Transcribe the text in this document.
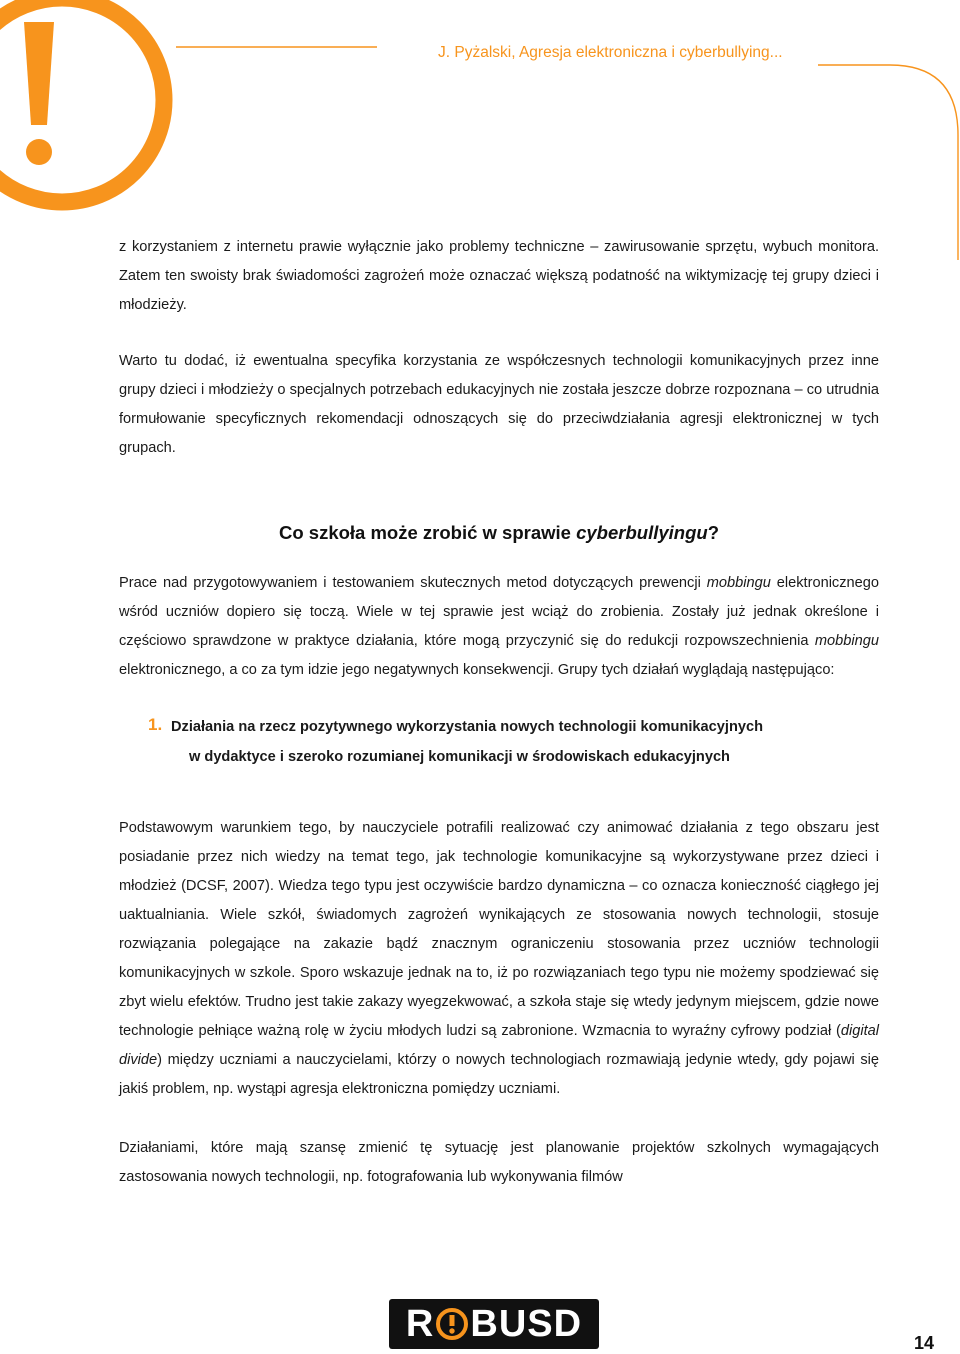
J. Pyżalski, Agresja elektroniczna i cyberbullying...

z korzystaniem z internetu prawie wyłącznie jako problemy techniczne – zawirusowanie sprzętu, wybuch monitora. Zatem ten swoisty brak świadomości zagrożeń może oznaczać większą podatność na wiktymizację tej grupy dzieci i młodzieży.

Warto tu dodać, iż ewentualna specyfika korzystania ze współczesnych technologii komunikacyjnych przez inne grupy dzieci i młodzieży o specjalnych potrzebach edukacyjnych nie została jeszcze dobrze rozpoznana – co utrudnia formułowanie specyficznych rekomendacji odnoszących się do przeciwdziałania agresji elektronicznej w tych grupach.

Co szkoła może zrobić w sprawie cyberbullyingu?

Prace nad przygotowywaniem i testowaniem skutecznych metod dotyczących prewencji mobbingu elektronicznego wśród uczniów dopiero się toczą. Wiele w tej sprawie jest wciąż do zrobienia. Zostały już jednak określone i częściowo sprawdzone w praktyce działania, które mogą przyczynić się do redukcji rozpowszechnienia mobbingu elektronicznego, a co za tym idzie jego negatywnych konsekwencji. Grupy tych działań wyglądają następująco:

1. Działania na rzecz pozytywnego wykorzystania nowych technologii komunikacyjnych
w dydaktyce i szeroko rozumianej komunikacji w środowiskach edukacyjnych

Podstawowym warunkiem tego, by nauczyciele potrafili realizować czy animować działania z tego obszaru jest posiadanie przez nich wiedzy na temat tego, jak technologie komunikacyjne są wykorzystywane przez dzieci i młodzież (DCSF, 2007). Wiedza tego typu jest oczywiście bardzo dynamiczna – co oznacza konieczność ciągłego jej uaktualniania. Wiele szkół, świadomych zagrożeń wynikających ze stosowania nowych technologii, stosuje rozwiązania polegające na zakazie bądź znacznym ograniczeniu stosowania przez uczniów technologii komunikacyjnych w szkole. Sporo wskazuje jednak na to, iż po rozwiązaniach tego typu nie możemy spodziewać się zbyt wielu efektów. Trudno jest takie zakazy wyegzekwować, a szkoła staje się wtedy jedynym miejscem, gdzie nowe technologie pełniące ważną rolę w życiu młodych ludzi są zabronione. Wzmacnia to wyraźny cyfrowy podział (digital divide) między uczniami a nauczycielami, którzy o nowych technologiach rozmawiają jedynie wtedy, gdy pojawi się jakiś problem, np. wystąpi agresja elektroniczna pomiędzy uczniami.

Działaniami, które mają szansę zmienić tę sytuację jest planowanie projektów szkolnych wymagających zastosowania nowych technologii, np. fotografowania lub wykonywania filmów

R BUSD	14
